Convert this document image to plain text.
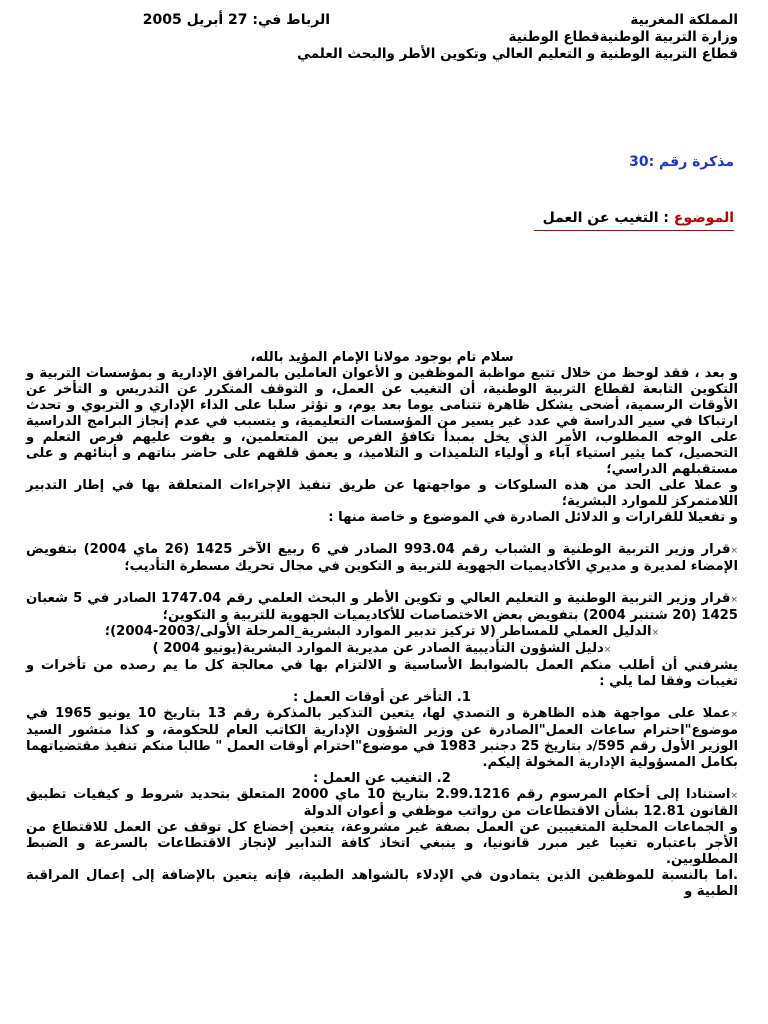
المملكة المغربية
وزارة التربية الوطنيةقطاع الوطنية
قطاع التربية الوطنية و التعليم العالي وتكوين الأطر والبحث العلمي
الرباط في: 27 أبريل 2005
مذكرة رقم :30
الموضوع : التغيب عن العمل

سلام تام بوجود مولانا الإمام المؤيد بالله،

و بعد ، فقد لوحظ من خلال تتبع مواظبة الموظفين و الأعوان العاملين بالمرافق الإدارية و بمؤسسات التربية و التكوين التابعة لقطاع التربية الوطنية، أن التغيب عن العمل، و التوقف المتكرر عن التدريس و التأخر عن الأوقات الرسمية، أضحى يشكل ظاهرة تتنامى يوما بعد يوم، و تؤثر سلبا على الداء الإداري و التربوي و تحدث ارتباكا في سير الدراسة في عدد غير يسير من المؤسسات التعليمية، و يتسبب في عدم إنجاز البرامج الدراسية على الوجه المطلوب، الأمر الذي يخل بمبدأ تكافؤ الفرص بين المتعلمين، و يفوت عليهم فرص التعلم و التحصيل، كما يثير استياء آباء و أولياء التلميذات و التلاميذ، و يعمق قلقهم على حاضر بناتهم و أبنائهم و على مستقبلهم الدراسي؛

و عملا على الحد من هذه السلوكات و مواجهتها عن طريق تنفيذ الإجراءات المتعلقة بها في إطار التدبير اللامتمركز للموارد البشرية؛

و تفعيلا للقرارات و الدلائل الصادرة في الموضوع و خاصة منها :

×قرار وزير التربية الوطنية و الشباب رقم 993.04 الصادر في 6 ربيع الآخر 1425 (26 ماي 2004) بتفويض الإمضاء لمديرة و مديري الأكاديميات الجهوية للتربية و التكوين في مجال تحريك مسطرة التأديب؛

×قرار وزير التربية الوطنية و التعليم العالي و تكوين الأطر و البحث العلمي رقم 1747.04 الصادر في 5 شعبان 1425 (20 شتنبر 2004) بتفويض بعض الاختصاصات للأكاديميات الجهوية للتربية و التكوين؛

×الدليل العملي للمساطر (لا تركيز تدبير الموارد البشرية_المرحلة الأولى/2003-2004)؛

×دليل الشؤون التأديبية الصادر عن مديرية الموارد البشرية(يونيو 2004 )

يشرفني أن أطلب منكم العمل بالضوابط الأساسية و الالتزام بها في معالجة كل ما يم رصده من تأخرات و تغيبات وفقا لما يلي :

1. التأخر عن أوقات العمل :

×عملا على مواجهة هذه الظاهرة و التصدي لها، يتعين التذكير بالمذكرة رقم 13 بتاريخ 10 يونيو 1965 في موضوع"احترام ساعات العمل"الصادرة عن وزير الشؤون الإدارية الكاتب العام للحكومة، و كذا منشور السيد الوزير الأول رقم 595/د بتاريخ 25 دجنبر 1983 في موضوع"احترام أوقات العمل " طالبا منكم تنفيذ مقتضياتهما بكامل المسؤولية الإدارية المخولة إليكم.

2. التغيب عن العمل :

×استنادا إلى أحكام المرسوم رقم 2.99.1216 بتاريخ 10 ماي 2000 المتعلق بتحديد شروط و كيفيات تطبيق القانون 12.81 بشأن الاقتطاعات من رواتب موظفي و أعوان الدولة

و الجماعات المحلية المتغيبين عن العمل بصفة غير مشروعة، يتعين إخضاع كل توقف عن العمل للاقتطاع من الأجر باعتباره تغيبا غير مبرر قانونيا، و ينبغي اتخاذ كافة التدابير لإنجاز الاقتطاعات بالسرعة و الضبط المطلوبين.

.اما بالنسبة للموظفين الذين يتمادون في الإدلاء بالشواهد الطبية، فإنه يتعين بالإضافة إلى إعمال المراقبة الطبية و
